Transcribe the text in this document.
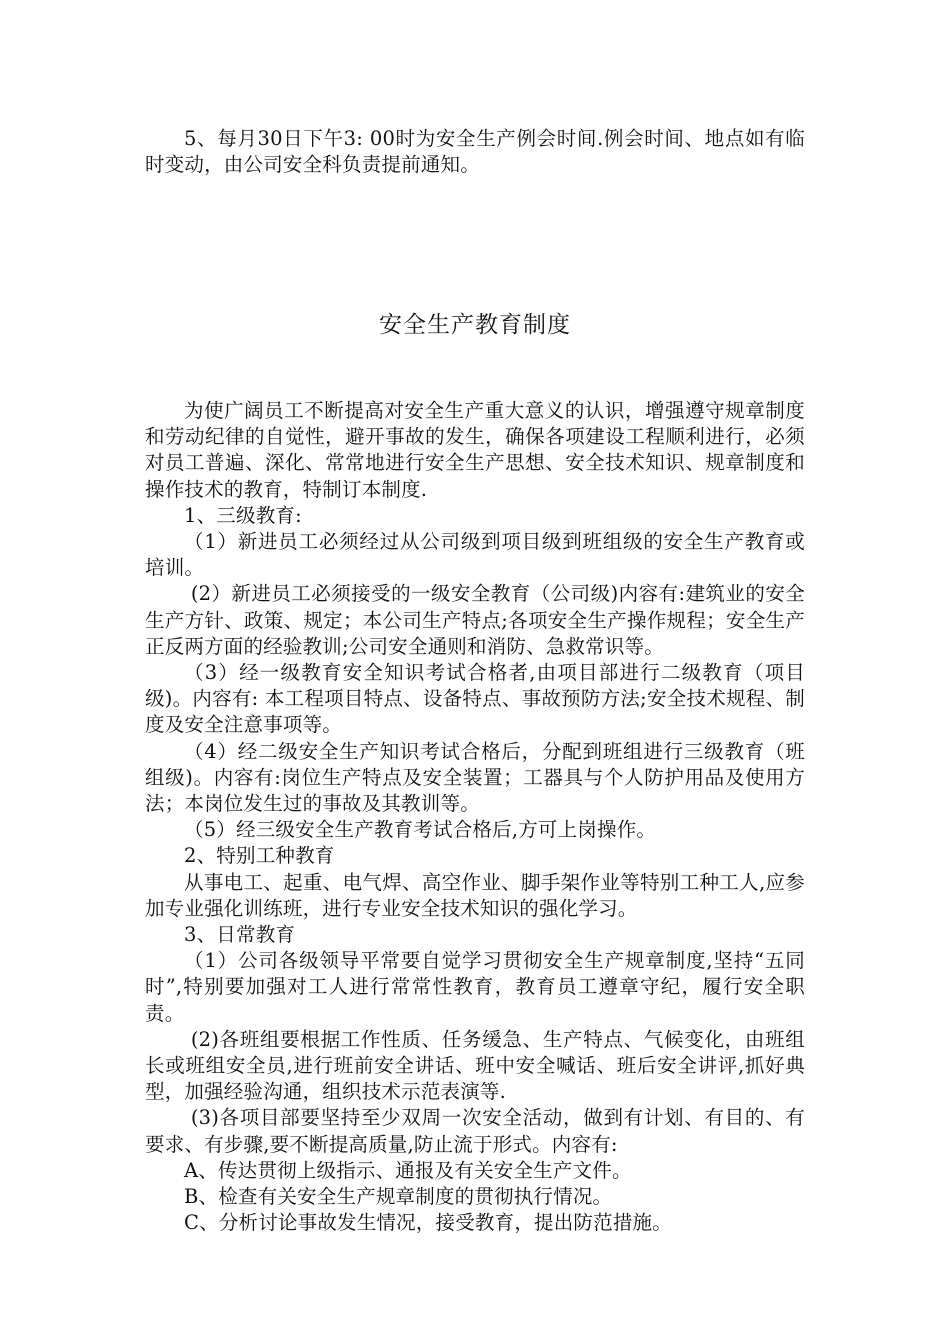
5、每月30日下午3: 00时为安全生产例会时间.例会时间、地点如有临时变动，由公司安全科负责提前通知。

安全生产教育制度

为使广阔员工不断提高对安全生产重大意义的认识，增强遵守规章制度和劳动纪律的自觉性，避开事故的发生，确保各项建设工程顺利进行，必须对员工普遍、深化、常常地进行安全生产思想、安全技术知识、规章制度和操作技术的教育，特制订本制度.

1、三级教育:

（1）新进员工必须经过从公司级到项目级到班组级的安全生产教育或培训。

(2）新进员工必须接受的一级安全教育（公司级)内容有:建筑业的安全生产方针、政策、规定；本公司生产特点;各项安全生产操作规程；安全生产正反两方面的经验教训;公司安全通则和消防、急救常识等。

（3）经一级教育安全知识考试合格者,由项目部进行二级教育（项目级)。内容有: 本工程项目特点、设备特点、事故预防方法;安全技术规程、制度及安全注意事项等。

（4）经二级安全生产知识考试合格后，分配到班组进行三级教育（班组级)。内容有:岗位生产特点及安全装置；工器具与个人防护用品及使用方法；本岗位发生过的事故及其教训等。

（5）经三级安全生产教育考试合格后,方可上岗操作。

2、特别工种教育

从事电工、起重、电气焊、高空作业、脚手架作业等特别工种工人,应参加专业强化训练班，进行专业安全技术知识的强化学习。

3、日常教育

（1）公司各级领导平常要自觉学习贯彻安全生产规章制度,坚持“五同时”,特别要加强对工人进行常常性教育，教育员工遵章守纪，履行安全职责。

(2)各班组要根据工作性质、任务缓急、生产特点、气候变化，由班组长或班组安全员,进行班前安全讲话、班中安全喊话、班后安全讲评,抓好典型，加强经验沟通，组织技术示范表演等.

(3)各项目部要坚持至少双周一次安全活动，做到有计划、有目的、有要求、有步骤,要不断提高质量,防止流于形式。内容有:

A、传达贯彻上级指示、通报及有关安全生产文件。

B、检查有关安全生产规章制度的贯彻执行情况。

C、分析讨论事故发生情况，接受教育，提出防范措施。
